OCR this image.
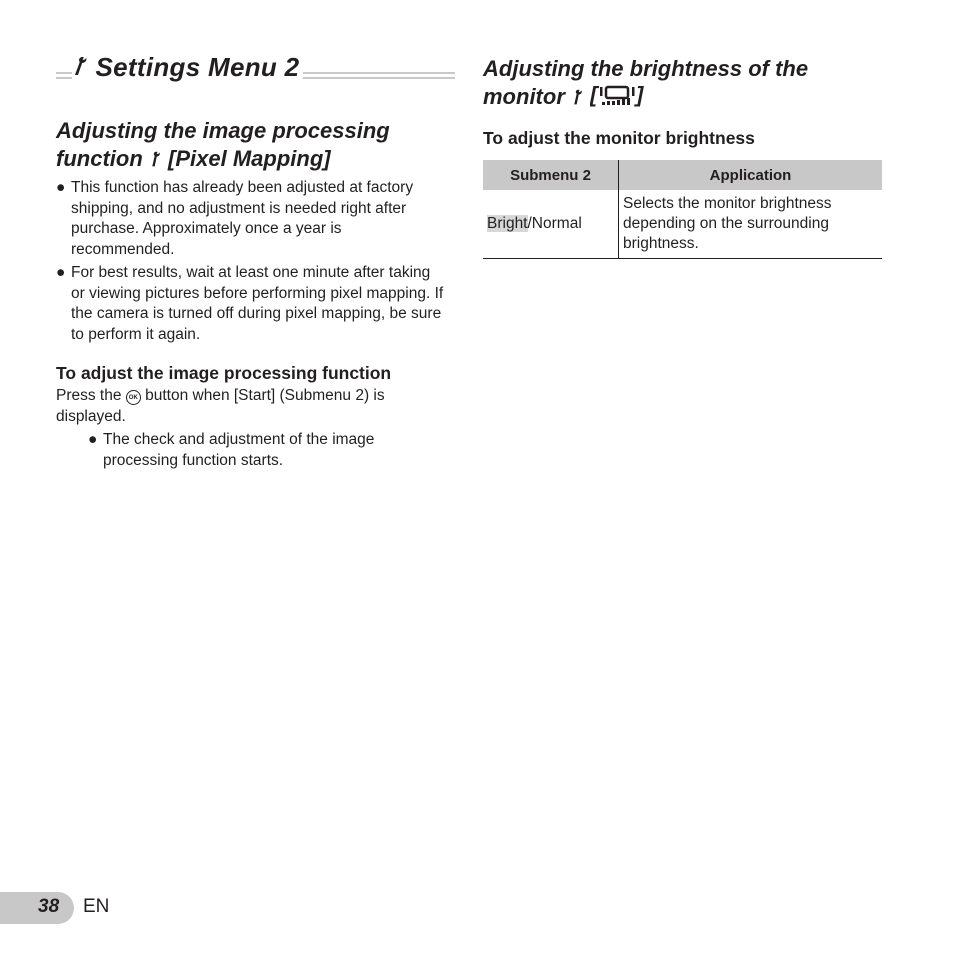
Settings Menu 2
Adjusting the image processing
function [Pixel Mapping]
● This function has already been adjusted at factory shipping, and no adjustment is needed right after purchase. Approximately once a year is recommended.
● For best results, wait at least one minute after taking or viewing pictures before performing pixel mapping. If the camera is turned off during pixel mapping, be sure to perform it again.
To adjust the image processing function
Press the OK button when [Start] (Submenu 2) is displayed.
● The check and adjustment of the image processing function starts.
Adjusting the brightness of the
monitor [ ]
To adjust the monitor brightness
Submenu 2	Application
Bright/Normal	Selects the monitor brightness depending on the surrounding brightness.
38 EN
